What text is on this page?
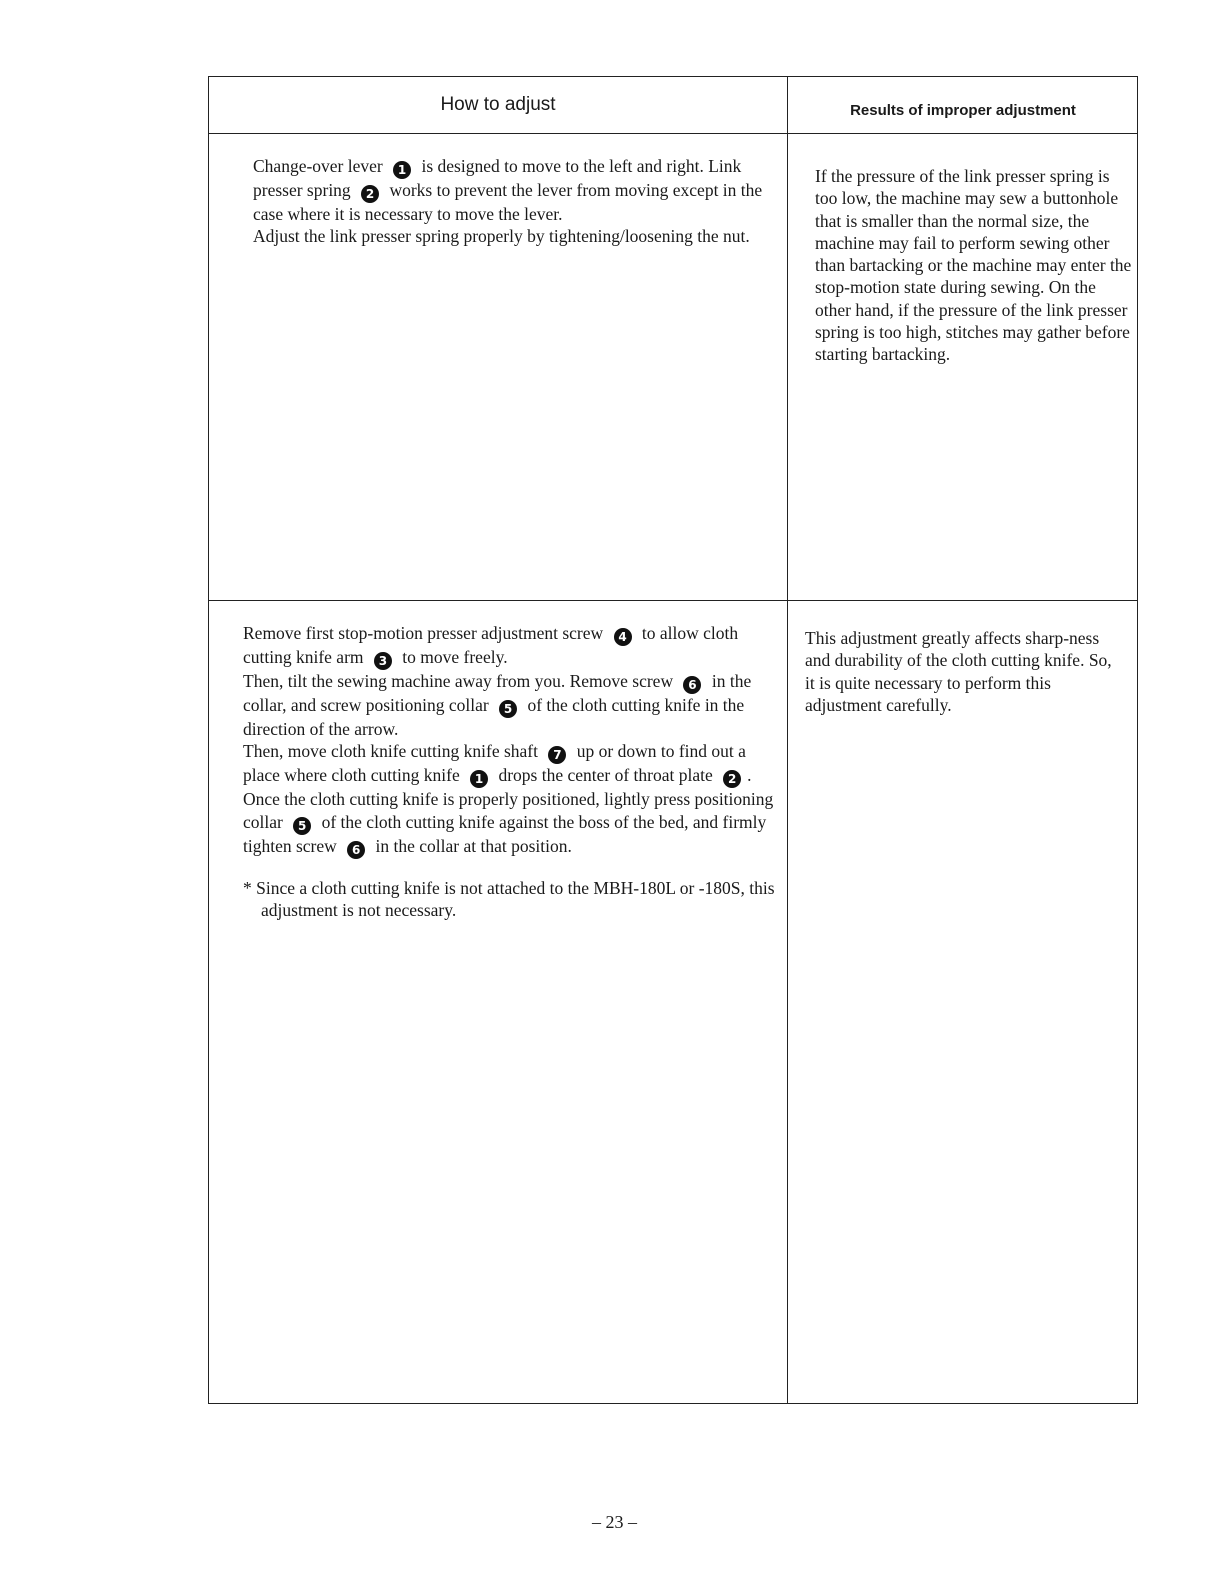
How to adjust	Results of improper adjustment

Change-over lever 1 is designed to move to the left and right. Link presser spring 2 works to prevent the lever from moving except in the case where it is necessary to move the lever.
Adjust the link presser spring properly by tightening/loosening the nut.

If the pressure of the link presser spring is too low, the machine may sew a buttonhole that is smaller than the normal size, the machine may fail to perform sewing other than bartacking or the machine may enter the stop-motion state during sewing. On the other hand, if the pressure of the link presser spring is too high, stitches may gather before starting bartacking.

Remove first stop-motion presser adjustment screw 4 to allow cloth cutting knife arm 3 to move freely.
Then, tilt the sewing machine away from you. Remove screw 6 in the collar, and screw positioning collar 5 of the cloth cutting knife in the direction of the arrow.
Then, move cloth knife cutting knife shaft 7 up or down to find out a place where cloth cutting knife 1 drops the center of throat plate 2 . Once the cloth cutting knife is properly positioned, lightly press positioning collar 5 of the cloth cutting knife against the boss of the bed, and firmly tighten screw 6 in the collar at that position.

* Since a cloth cutting knife is not attached to the MBH-180L or -180S, this adjustment is not necessary.

This adjustment greatly affects sharp-ness and durability of the cloth cutting knife. So, it is quite necessary to perform this adjustment carefully.

– 23 –
